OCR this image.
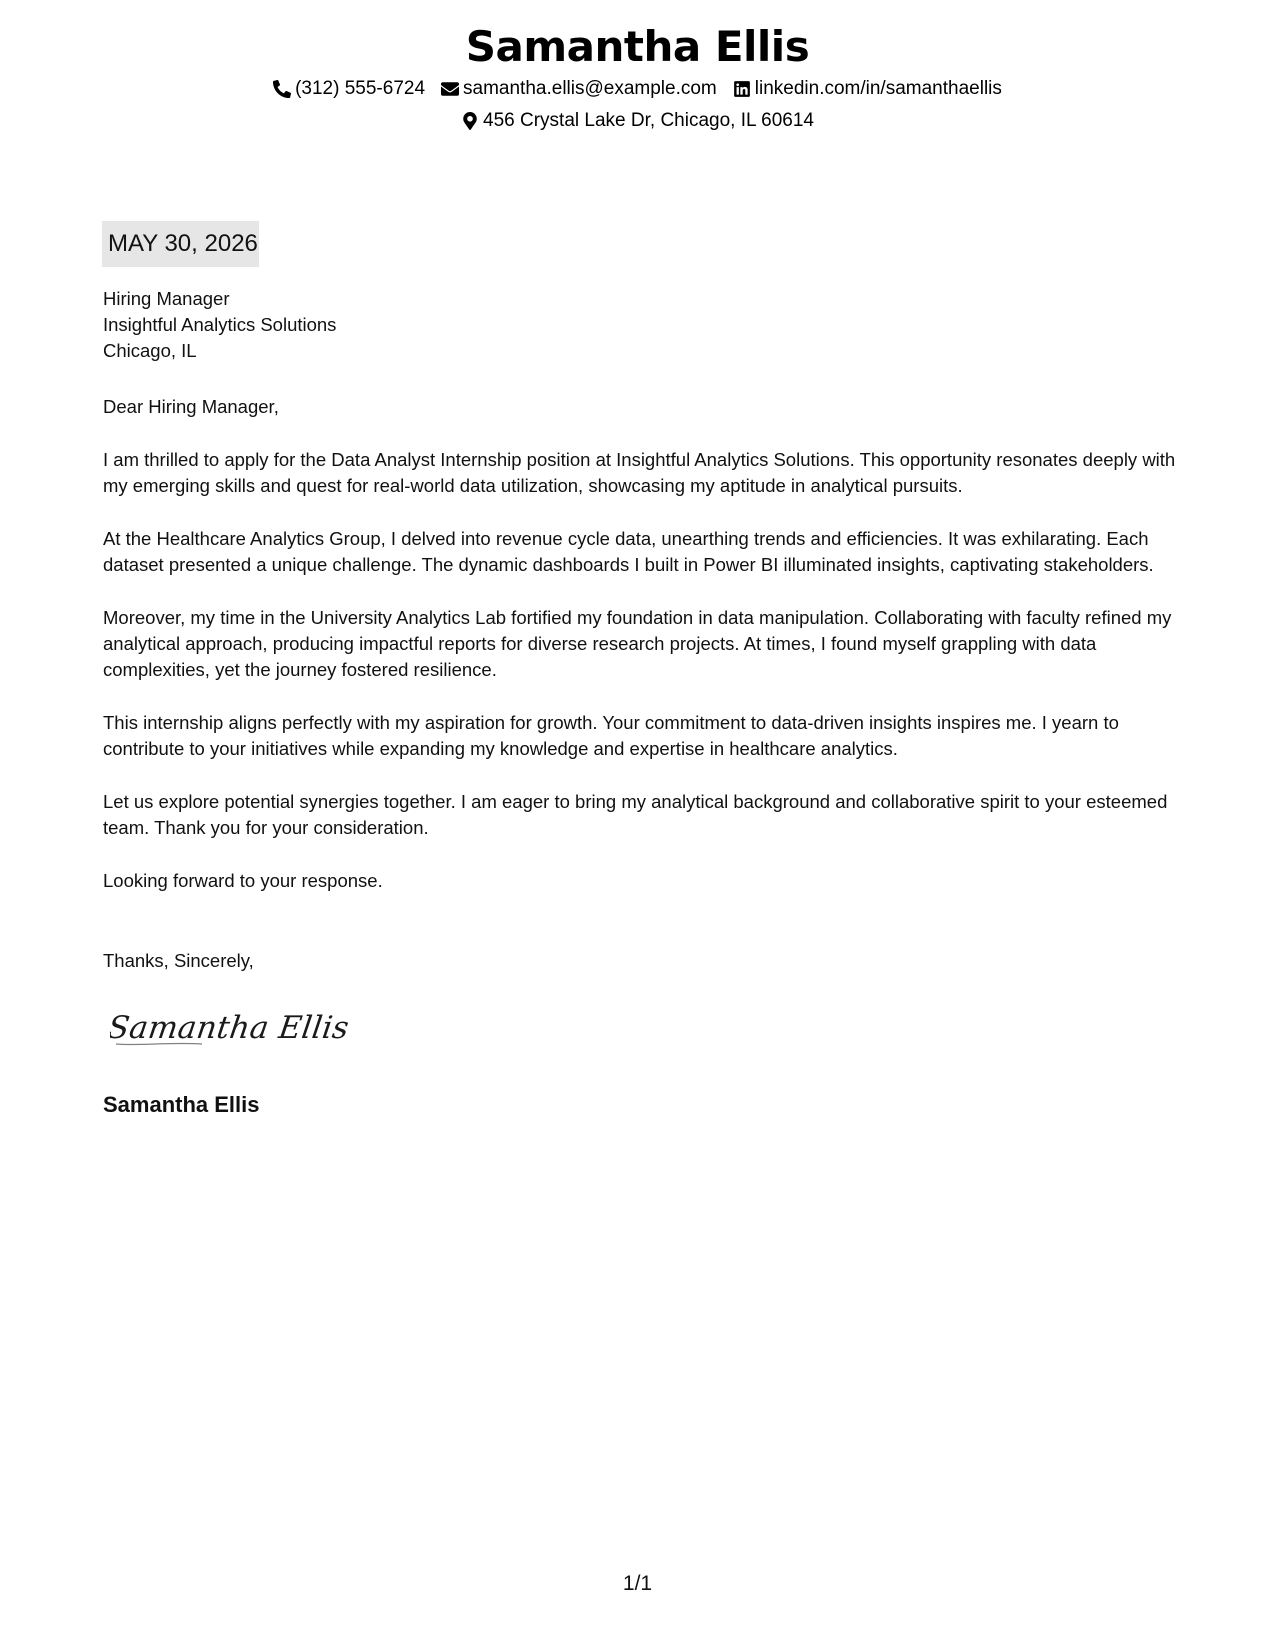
Samantha Ellis
(312) 555-6724 samantha.ellis@example.com linkedin.com/in/samanthaellis
456 Crystal Lake Dr, Chicago, IL 60614
MAY 30, 2026
Hiring Manager
Insightful Analytics Solutions
Chicago, IL

Dear Hiring Manager,

I am thrilled to apply for the Data Analyst Internship position at Insightful Analytics Solutions. This opportunity resonates deeply with my emerging skills and quest for real-world data utilization, showcasing my aptitude in analytical pursuits.

At the Healthcare Analytics Group, I delved into revenue cycle data, unearthing trends and efficiencies. It was exhilarating. Each dataset presented a unique challenge. The dynamic dashboards I built in Power BI illuminated insights, captivating stakeholders.

Moreover, my time in the University Analytics Lab fortified my foundation in data manipulation. Collaborating with faculty refined my analytical approach, producing impactful reports for diverse research projects. At times, I found myself grappling with data complexities, yet the journey fostered resilience.

This internship aligns perfectly with my aspiration for growth. Your commitment to data-driven insights inspires me. I yearn to contribute to your initiatives while expanding my knowledge and expertise in healthcare analytics.

Let us explore potential synergies together. I am eager to bring my analytical background and collaborative spirit to your esteemed team. Thank you for your consideration.

Looking forward to your response.

Thanks, Sincerely,
Samantha Ellis
Samantha Ellis
1/1
